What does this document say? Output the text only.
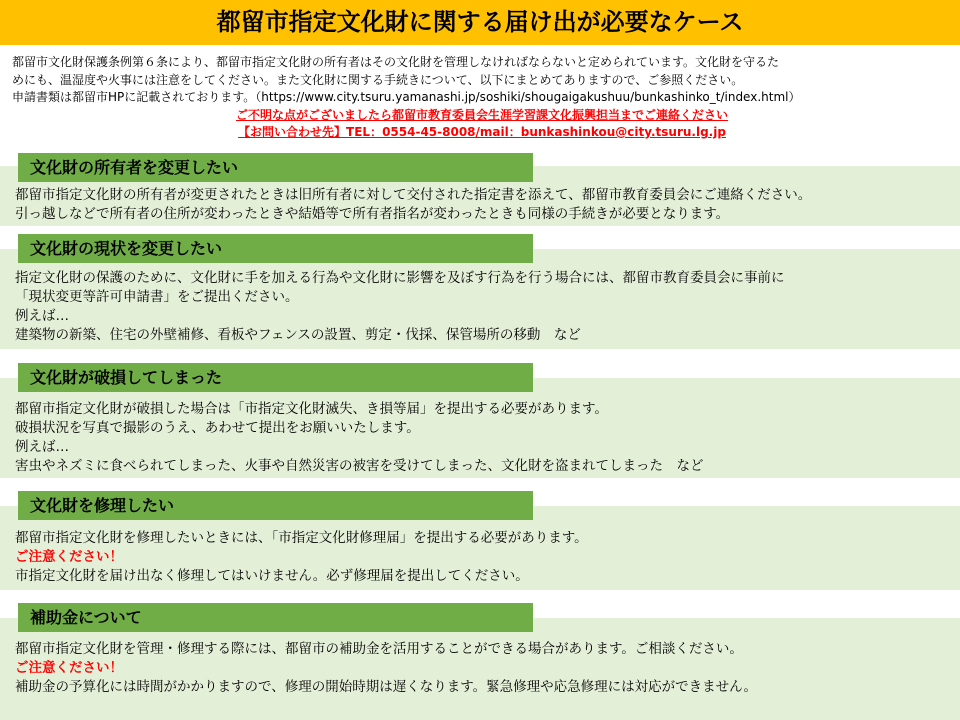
都留市指定文化財に関する届け出が必要なケース

都留市文化財保護条例第６条により、都留市指定文化財の所有者はその文化財を管理しなければならないと定められています。文化財を守るた

めにも、温湿度や火事には注意をしてください。また文化財に関する手続きについて、以下にまとめてありますので、ご参照ください。

申請書類は都留市HPに記載されております。（https://www.city.tsuru.yamanashi.jp/soshiki/shougaigakushuu/bunkashinko_t/index.html）

ご不明な点がございましたら都留市教育委員会生涯学習課文化振興担当までご連絡ください

【お問い合わせ先】TEL：0554-45-8008/mail：bunkashinkou@city.tsuru.lg.jp

文化財の所有者を変更したい

都留市指定文化財の所有者が変更されたときは旧所有者に対して交付された指定書を添えて、都留市教育委員会にご連絡ください。

引っ越しなどで所有者の住所が変わったときや結婚等で所有者指名が変わったときも同様の手続きが必要となります。

文化財の現状を変更したい

指定文化財の保護のために、文化財に手を加える行為や文化財に影響を及ぼす行為を行う場合には、都留市教育委員会に事前に

「現状変更等許可申請書」をご提出ください。

例えば…

建築物の新築、住宅の外壁補修、看板やフェンスの設置、剪定・伐採、保管場所の移動　など

文化財が破損してしまった

都留市指定文化財が破損した場合は「市指定文化財滅失、き損等届」を提出する必要があります。

破損状況を写真で撮影のうえ、あわせて提出をお願いいたします。

例えば…

害虫やネズミに食べられてしまった、火事や自然災害の被害を受けてしまった、文化財を盗まれてしまった　など

文化財を修理したい

都留市指定文化財を修理したいときには、「市指定文化財修理届」を提出する必要があります。

ご注意ください！

市指定文化財を届け出なく修理してはいけません。必ず修理届を提出してください。

補助金について

都留市指定文化財を管理・修理する際には、都留市の補助金を活用することができる場合があります。ご相談ください。

ご注意ください！

補助金の予算化には時間がかかりますので、修理の開始時期は遅くなります。緊急修理や応急修理には対応ができません。
